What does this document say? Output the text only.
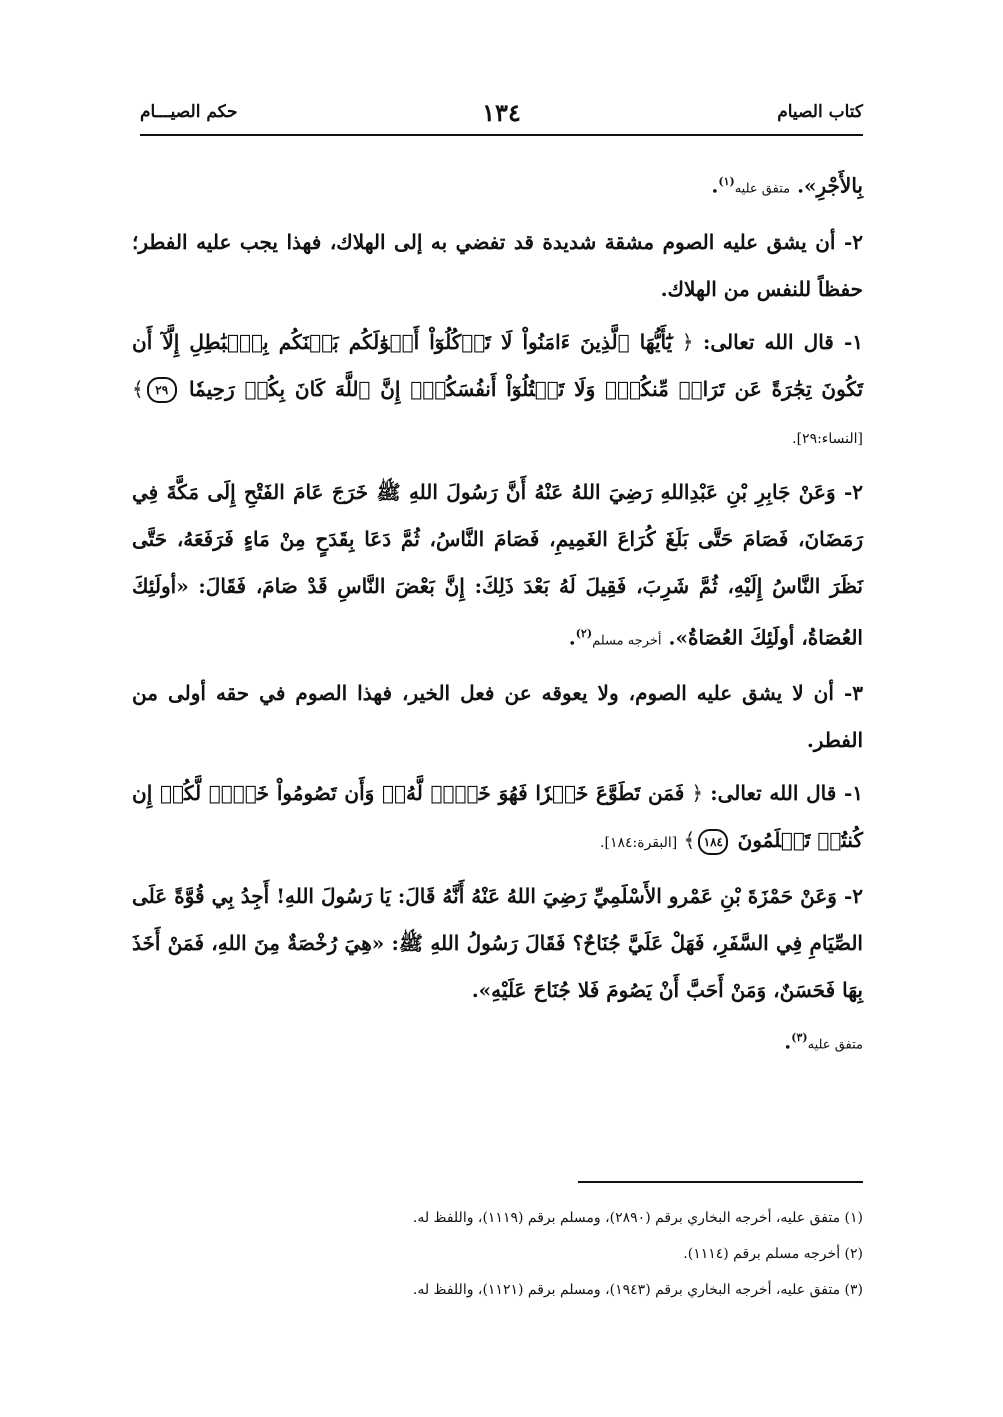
كتاب الصيام
١٣٤
حكم الصيـــام

بِالأَجْرِ». متفق عليه$^{(١)}$.

٢- أن يشق عليه الصوم مشقة شديدة قد تفضي به إلى الهلاك، فهذا يجب عليه الفطر؛ حفظاً للنفس من الهلاك.

١- قال الله تعالى: ﴿ يَٰٓأَيُّهَا ٱلَّذِينَ ءَامَنُواْ لَا تَأۡكُلُوٓاْ أَمۡوَٰلَكُم بَيۡنَكُم بِٱلۡبَٰطِلِ إِلَّآ أَن تَكُونَ تِجَٰرَةً عَن تَرَاضٖ مِّنكُمۡۚ وَلَا تَقۡتُلُوٓاْ أَنفُسَكُمۡۚ إِنَّ ٱللَّهَ كَانَ بِكُمۡ رَحِيمٗا ٢٩﴾ [النساء:٢٩].

٢- وَعَنْ جَابِرِ بْنِ عَبْدِاللهِ رَضِيَ اللهُ عَنْهُ أَنَّ رَسُولَ اللهِ ﷺ خَرَجَ عَامَ الفَتْحِ إِلَى مَكَّةَ فِي رَمَضَانَ، فَصَامَ حَتَّى بَلَغَ كُرَاعَ الغَمِيمِ، فَصَامَ النَّاسُ، ثُمَّ دَعَا بِقَدَحٍ مِنْ مَاءٍ فَرَفَعَهُ، حَتَّى نَظَرَ النَّاسُ إِلَيْهِ، ثُمَّ شَرِبَ، فَقِيلَ لَهُ بَعْدَ ذَلِكَ: إِنَّ بَعْضَ النَّاسِ قَدْ صَامَ، فَقَالَ: «أولَئِكَ العُصَاةُ، أولَئِكَ العُصَاةُ». أخرجه مسلم$^{(٢)}$.

٣- أن لا يشق عليه الصوم، ولا يعوقه عن فعل الخير، فهذا الصوم في حقه أولى من الفطر.

١- قال الله تعالى: ﴿ فَمَن تَطَوَّعَ خَيۡرٗا فَهُوَ خَيۡرٞ لَّهُۥۚ وَأَن تَصُومُواْ خَيۡرٞ لَّكُمۡ إِن كُنتُمۡ تَعۡلَمُونَ ١٨٤﴾ [البقرة:١٨٤].

٢- وَعَنْ حَمْزَةَ بْنِ عَمْرو الأَسْلَمِيِّ رَضِيَ اللهُ عَنْهُ أَنَّهُ قَالَ: يَا رَسُولَ اللهِ! أَجِدُ بِي قُوَّةً عَلَى الصِّيَامِ فِي السَّفَرِ، فَهَلْ عَلَيَّ جُنَاحٌ؟ فَقَالَ رَسُولُ اللهِ ﷺ: «هِيَ رُخْصَةٌ مِنَ اللهِ، فَمَنْ أَخَذَ بِهَا فَحَسَنٌ، وَمَنْ أَحَبَّ أَنْ يَصُومَ فَلا جُنَاحَ عَلَيْهِ».
متفق عليه$^{(٣)}$.

(١) متفق عليه، أخرجه البخاري برقم (٢٨٩٠)، ومسلم برقم (١١١٩)، واللفظ له.
(٢) أخرجه مسلم برقم (١١١٤).
(٣) متفق عليه، أخرجه البخاري برقم (١٩٤٣)، ومسلم برقم (١١٢١)، واللفظ له.
